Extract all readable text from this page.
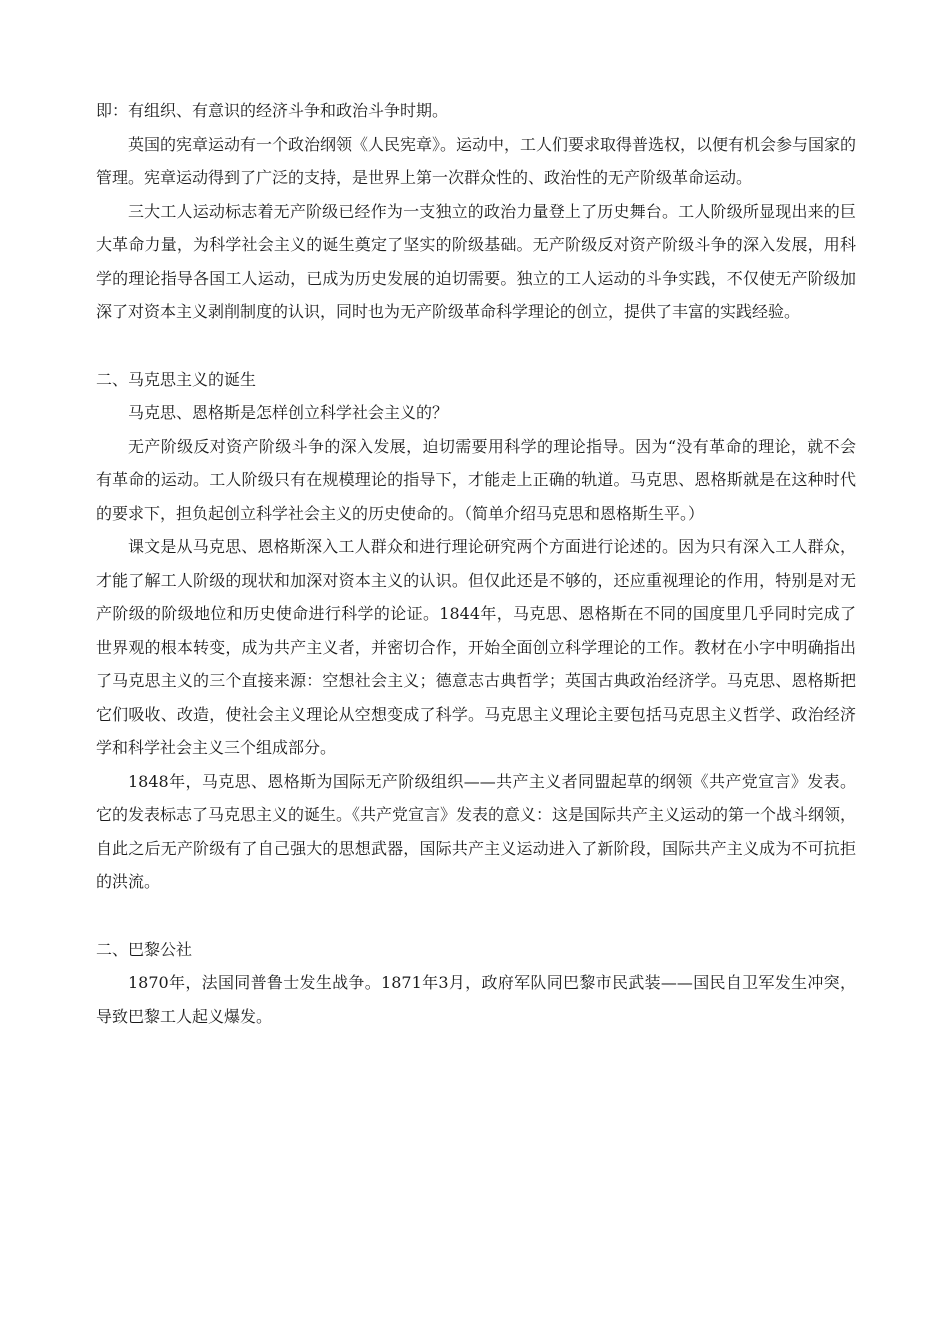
即：有组织、有意识的经济斗争和政治斗争时期。

英国的宪章运动有一个政治纲领《人民宪章》。运动中，工人们要求取得普选权，以便有机会参与国家的管理。宪章运动得到了广泛的支持，是世界上第一次群众性的、政治性的无产阶级革命运动。

三大工人运动标志着无产阶级已经作为一支独立的政治力量登上了历史舞台。工人阶级所显现出来的巨大革命力量，为科学社会主义的诞生奠定了坚实的阶级基础。无产阶级反对资产阶级斗争的深入发展，用科学的理论指导各国工人运动，已成为历史发展的迫切需要。独立的工人运动的斗争实践，不仅使无产阶级加深了对资本主义剥削制度的认识，同时也为无产阶级革命科学理论的创立，提供了丰富的实践经验。

二、马克思主义的诞生

马克思、恩格斯是怎样创立科学社会主义的？

无产阶级反对资产阶级斗争的深入发展，迫切需要用科学的理论指导。因为“没有革命的理论，就不会有革命的运动。工人阶级只有在规模理论的指导下，才能走上正确的轨道。马克思、恩格斯就是在这种时代的要求下，担负起创立科学社会主义的历史使命的。（简单介绍马克思和恩格斯生平。）

课文是从马克思、恩格斯深入工人群众和进行理论研究两个方面进行论述的。因为只有深入工人群众，才能了解工人阶级的现状和加深对资本主义的认识。但仅此还是不够的，还应重视理论的作用，特别是对无产阶级的阶级地位和历史使命进行科学的论证。1844年，马克思、恩格斯在不同的国度里几乎同时完成了世界观的根本转变，成为共产主义者，并密切合作，开始全面创立科学理论的工作。教材在小字中明确指出了马克思主义的三个直接来源：空想社会主义；德意志古典哲学；英国古典政治经济学。马克思、恩格斯把它们吸收、改造，使社会主义理论从空想变成了科学。马克思主义理论主要包括马克思主义哲学、政治经济学和科学社会主义三个组成部分。

1848年，马克思、恩格斯为国际无产阶级组织——共产主义者同盟起草的纲领《共产党宣言》发表。它的发表标志了马克思主义的诞生。《共产党宣言》发表的意义：这是国际共产主义运动的第一个战斗纲领，自此之后无产阶级有了自己强大的思想武器，国际共产主义运动进入了新阶段，国际共产主义成为不可抗拒的洪流。

二、巴黎公社

1870年，法国同普鲁士发生战争。1871年3月，政府军队同巴黎市民武装——国民自卫军发生冲突，导致巴黎工人起义爆发。
